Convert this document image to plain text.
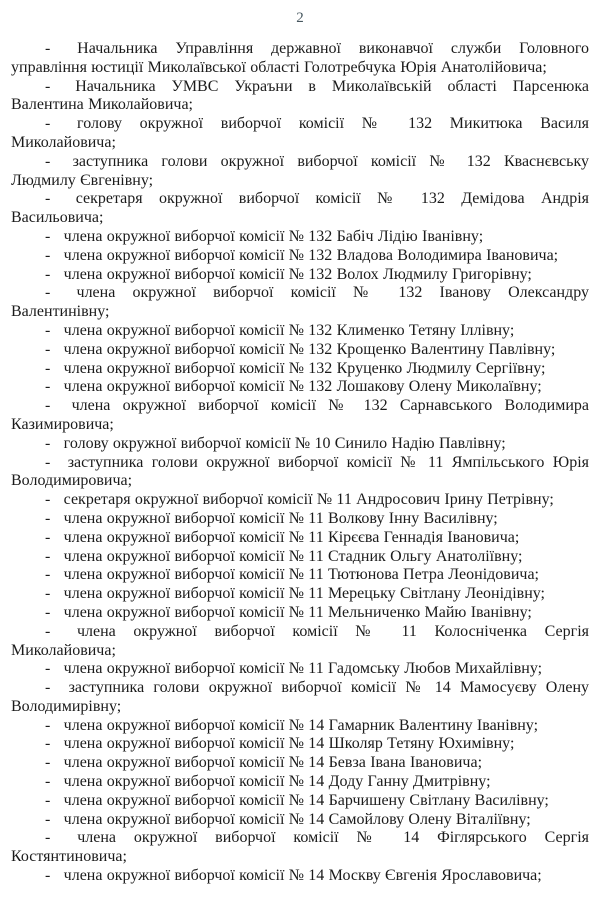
2

- Начальника Управління державної виконавчої служби Головного
управління юстиції Миколаївської області Голотребчука Юрія Анатолійовича;

- Начальника УМВС Украъни в Миколаївській області Парсенюка
Валентина Миколайовича;

- голову окружної виборчої комісії № 132 Микитюка Василя
Миколайовича;

- заступника голови окружної виборчої комісії № 132 Кваснєвську
Людмилу Євгенівну;

- секретаря окружної виборчої комісії № 132 Демідова Андрія
Васильовича;

- члена окружної виборчої комісії № 132 Бабіч Лідію Іванівну;

- члена окружної виборчої комісії № 132 Владова Володимира Івановича;

- члена окружної виборчої комісії № 132 Волох Людмилу Григорівну;

- члена окружної виборчої комісії № 132 Іванову Олександру
Валентинівну;

- члена окружної виборчої комісії № 132 Клименко Тетяну Іллівну;

- члена окружної виборчої комісії № 132 Крощенко Валентину Павлівну;

- члена окружної виборчої комісії № 132 Круценко Людмилу Сергіївну;

- члена окружної виборчої комісії № 132 Лошакову Олену Миколаївну;

- члена окружної виборчої комісії № 132 Сарнавського Володимира
Казимировича;

- голову окружної виборчої комісії № 10 Синило Надію Павлівну;

- заступника голови окружної виборчої комісії № 11 Ямпільського Юрія
Володимировича;

- секретаря окружної виборчої комісії № 11 Андросович Ірину Петрівну;

- члена окружної виборчої комісії № 11 Волкову Інну Василівну;

- члена окружної виборчої комісії № 11 Кірєєва Геннадія Івановича;

- члена окружної виборчої комісії № 11 Стадник Ольгу Анатоліївну;

- члена окружної виборчої комісії № 11 Тютюнова Петра Леонідовича;

- члена окружної виборчої комісії № 11 Мерецьку Світлану Леонідівну;

- члена окружної виборчої комісії № 11 Мельниченко Майю Іванівну;

- члена окружної виборчої комісії № 11 Колосніченка Сергія
Миколайовича;

- члена окружної виборчої комісії № 11 Гадомську Любов Михайлівну;

- заступника голови окружної виборчої комісії № 14 Мамосуєву Олену
Володимирівну;

- члена окружної виборчої комісії № 14 Гамарник Валентину Іванівну;

- члена окружної виборчої комісії № 14 Школяр Тетяну Юхимівну;

- члена окружної виборчої комісії № 14 Бевза Івана Івановича;

- члена окружної виборчої комісії № 14 Доду Ганну Дмитрівну;

- члена окружної виборчої комісії № 14 Барчишену Світлану Василівну;

- члена окружної виборчої комісії № 14 Самойлову Олену Віталіївну;

- члена окружної виборчої комісії № 14 Фіглярського Сергія
Костянтиновича;

- члена окружної виборчої комісії № 14 Москву Євгенія Ярославовича;
